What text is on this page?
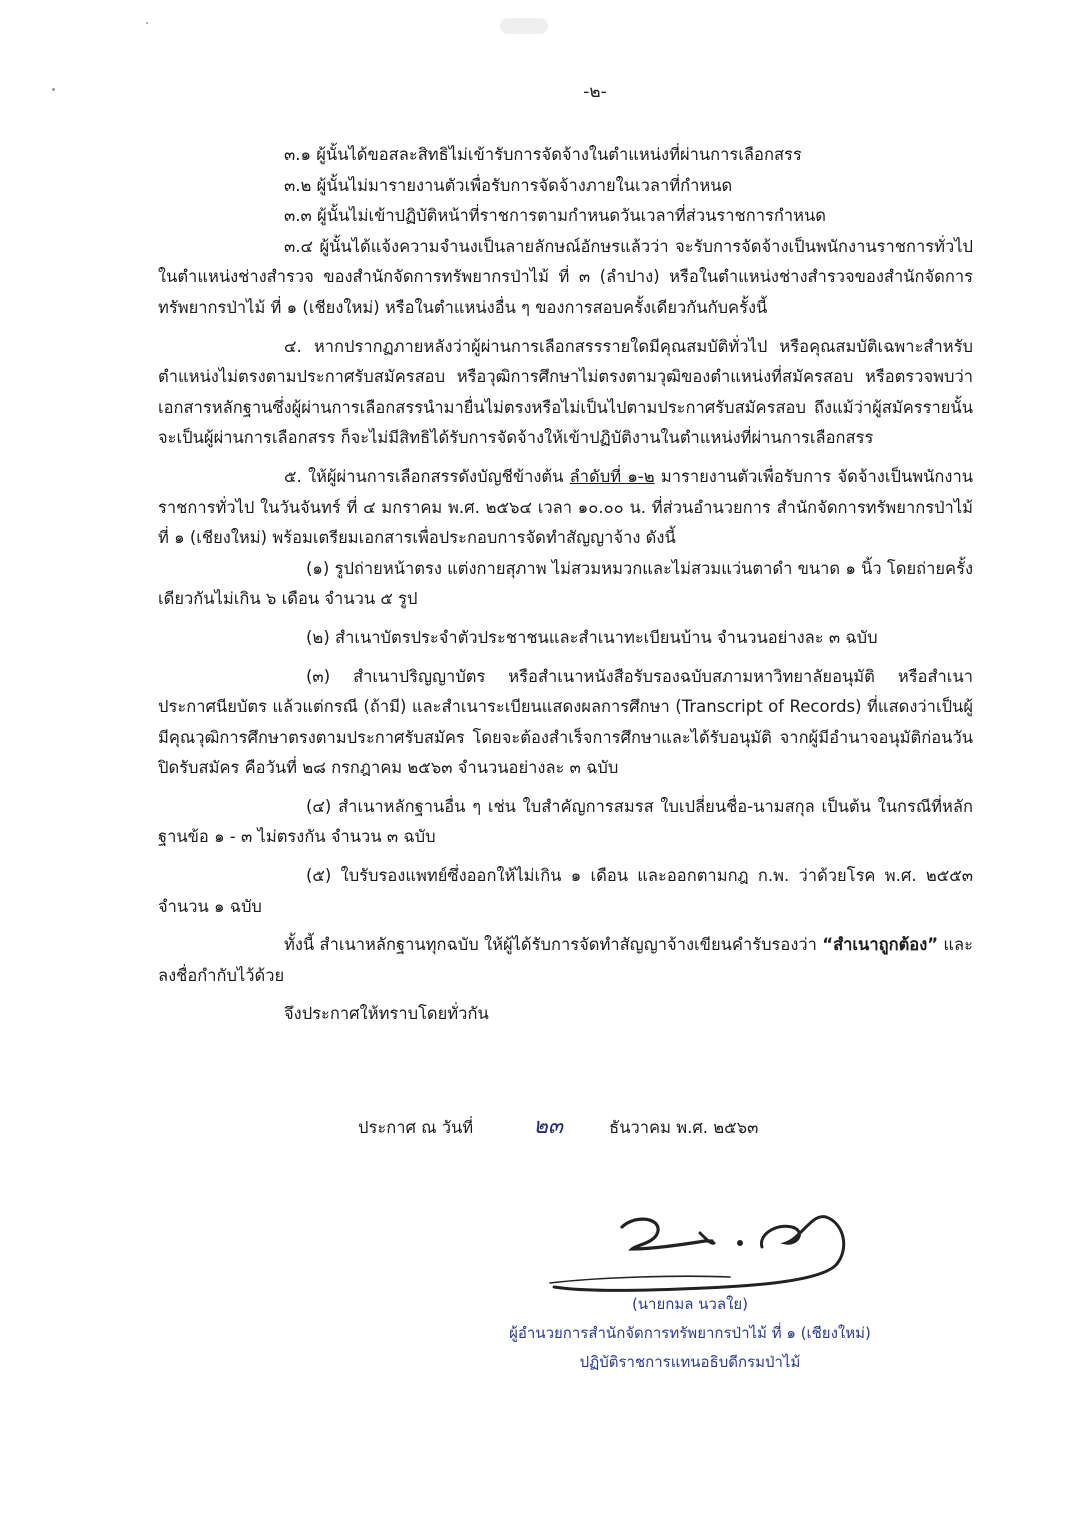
-๒-

๓.๑ ผู้นั้นได้ขอสละสิทธิไม่เข้ารับการจัดจ้างในตำแหน่งที่ผ่านการเลือกสรร

๓.๒ ผู้นั้นไม่มารายงานตัวเพื่อรับการจัดจ้างภายในเวลาที่กำหนด

๓.๓ ผู้นั้นไม่เข้าปฏิบัติหน้าที่ราชการตามกำหนดวันเวลาที่ส่วนราชการกำหนด

๓.๔ ผู้นั้นได้แจ้งความจำนงเป็นลายลักษณ์อักษรแล้วว่า จะรับการจัดจ้างเป็นพนักงานราชการทั่วไป ในตำแหน่งช่างสำรวจ ของสำนักจัดการทรัพยากรป่าไม้ ที่ ๓ (ลำปาง) หรือในตำแหน่งช่างสำรวจของสำนักจัดการทรัพยากรป่าไม้ ที่ ๑ (เชียงใหม่) หรือในตำแหน่งอื่น ๆ ของการสอบครั้งเดียวกันกับครั้งนี้

๔. หากปรากฏภายหลังว่าผู้ผ่านการเลือกสรรรายใดมีคุณสมบัติทั่วไป หรือคุณสมบัติเฉพาะสำหรับตำแหน่งไม่ตรงตามประกาศรับสมัครสอบ หรือวุฒิการศึกษาไม่ตรงตามวุฒิของตำแหน่งที่สมัครสอบ หรือตรวจพบว่าเอกสารหลักฐานซึ่งผู้ผ่านการเลือกสรรนำมายื่นไม่ตรงหรือไม่เป็นไปตามประกาศรับสมัครสอบ ถึงแม้ว่าผู้สมัครรายนั้นจะเป็นผู้ผ่านการเลือกสรร ก็จะไม่มีสิทธิได้รับการจัดจ้างให้เข้าปฏิบัติงานในตำแหน่งที่ผ่านการเลือกสรร

๕. ให้ผู้ผ่านการเลือกสรรดังบัญชีข้างต้น ลำดับที่ ๑-๒ มารายงานตัวเพื่อรับการ จัดจ้างเป็นพนักงานราชการทั่วไป ในวันจันทร์ ที่ ๔ มกราคม พ.ศ. ๒๕๖๔ เวลา ๑๐.๐๐ น. ที่ส่วนอำนวยการ สำนักจัดการทรัพยากรป่าไม้ ที่ ๑ (เชียงใหม่) พร้อมเตรียมเอกสารเพื่อประกอบการจัดทำสัญญาจ้าง ดังนี้

(๑) รูปถ่ายหน้าตรง แต่งกายสุภาพ ไม่สวมหมวกและไม่สวมแว่นตาดำ ขนาด ๑ นิ้ว โดยถ่ายครั้งเดียวกันไม่เกิน ๖ เดือน จำนวน ๕ รูป

(๒) สำเนาบัตรประจำตัวประชาชนและสำเนาทะเบียนบ้าน จำนวนอย่างละ ๓ ฉบับ

(๓) สำเนาปริญญาบัตร หรือสำเนาหนังสือรับรองฉบับสภามหาวิทยาลัยอนุมัติ หรือสำเนาประกาศนียบัตร แล้วแต่กรณี (ถ้ามี) และสำเนาระเบียนแสดงผลการศึกษา (Transcript of Records) ที่แสดงว่าเป็นผู้มีคุณวุฒิการศึกษาตรงตามประกาศรับสมัคร โดยจะต้องสำเร็จการศึกษาและได้รับอนุมัติ จากผู้มีอำนาจอนุมัติก่อนวันปิดรับสมัคร คือวันที่ ๒๘ กรกฎาคม ๒๕๖๓ จำนวนอย่างละ ๓ ฉบับ

(๔) สำเนาหลักฐานอื่น ๆ เช่น ใบสำคัญการสมรส ใบเปลี่ยนชื่อ-นามสกุล เป็นต้น ในกรณีที่หลักฐานข้อ ๑ - ๓ ไม่ตรงกัน จำนวน ๓ ฉบับ

(๕) ใบรับรองแพทย์ซึ่งออกให้ไม่เกิน ๑ เดือน และออกตามกฎ ก.พ. ว่าด้วยโรค พ.ศ. ๒๕๕๓ จำนวน ๑ ฉบับ

ทั้งนี้ สำเนาหลักฐานทุกฉบับ ให้ผู้ได้รับการจัดทำสัญญาจ้างเขียนคำรับรองว่า “สำเนาถูกต้อง” และลงชื่อกำกับไว้ด้วย

จึงประกาศให้ทราบโดยทั่วกัน

ประกาศ ณ วันที่	๒๓	ธันวาคม พ.ศ. ๒๕๖๓
(นายกมล นวลใย)
ผู้อำนวยการสำนักจัดการทรัพยากรป่าไม้ ที่ ๑ (เชียงใหม่)
ปฏิบัติราชการแทนอธิบดีกรมป่าไม้
